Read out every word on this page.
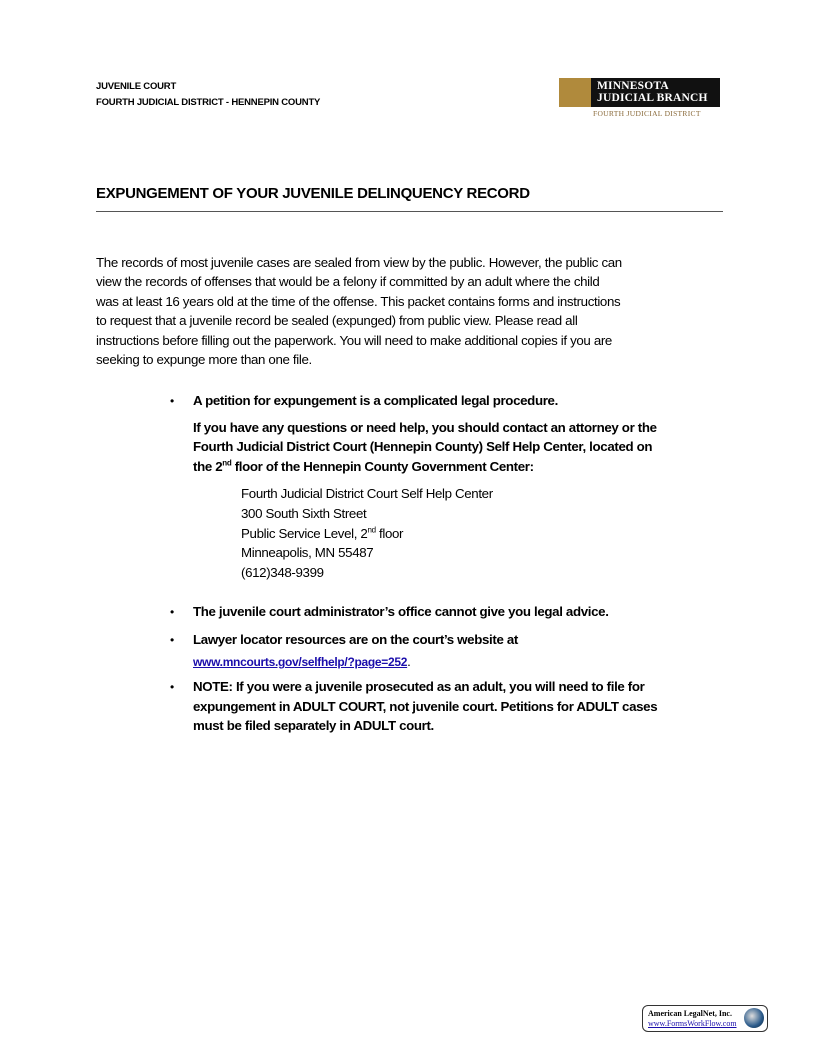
JUVENILE COURT
FOURTH JUDICIAL DISTRICT - HENNEPIN COUNTY
MINNESOTA
JUDICIAL BRANCH
FOURTH JUDICIAL DISTRICT
EXPUNGEMENT OF YOUR JUVENILE DELINQUENCY RECORD
The records of most juvenile cases are sealed from view by the public. However, the public can
view the records of offenses that would be a felony if committed by an adult where the child
was at least 16 years old at the time of the offense. This packet contains forms and instructions
to request that a juvenile record be sealed (expunged) from public view. Please read all
instructions before filling out the paperwork. You will need to make additional copies if you are
seeking to expunge more than one file.
• A petition for expungement is a complicated legal procedure.
If you have any questions or need help, you should contact an attorney or the
Fourth Judicial District Court (Hennepin County) Self Help Center, located on
the 2nd floor of the Hennepin County Government Center:
Fourth Judicial District Court Self Help Center
300 South Sixth Street
Public Service Level, 2nd floor
Minneapolis, MN 55487
(612)348-9399
• The juvenile court administrator’s office cannot give you legal advice.
• Lawyer locator resources are on the court’s website at
www.mncourts.gov/selfhelp/?page=252.
• NOTE: If you were a juvenile prosecuted as an adult, you will need to file for
expungement in ADULT COURT, not juvenile court. Petitions for ADULT cases
must be filed separately in ADULT court.
American LegalNet, Inc.
www.FormsWorkFlow.com
